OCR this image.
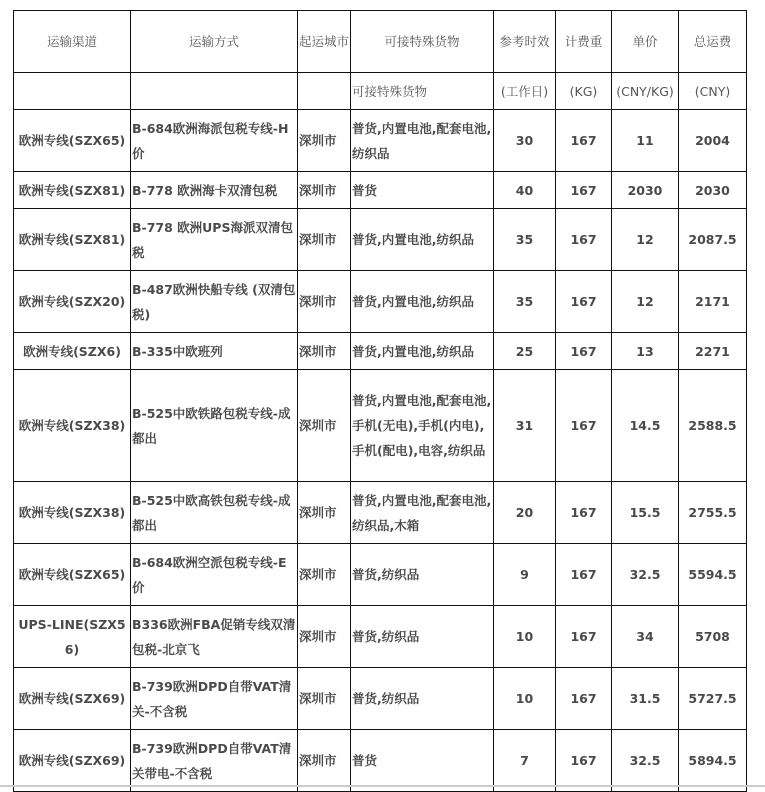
运输渠道	运输方式	起运城市	可接特殊货物	参考时效	计费重	单价	总运费
			可接特殊货物	(工作日)	(KG)	(CNY/KG)	(CNY)
欧洲专线(SZX65)	B-684欧洲海派包税专线-H价	深圳市	普货,内置电池,配套电池,纺织品	30	167	11	2004
欧洲专线(SZX81)	B-778 欧洲海卡双清包税	深圳市	普货	40	167	2030	2030
欧洲专线(SZX81)	B-778 欧洲UPS海派双清包税	深圳市	普货,内置电池,纺织品	35	167	12	2087.5
欧洲专线(SZX20)	B-487欧洲快船专线 (双清包税)	深圳市	普货,内置电池,纺织品	35	167	12	2171
欧洲专线(SZX6)	B-335中欧班列	深圳市	普货,内置电池,纺织品	25	167	13	2271
欧洲专线(SZX38)	B-525中欧铁路包税专线-成都出	深圳市	普货,内置电池,配套电池,手机(无电),手机(内电),手机(配电),电容,纺织品	31	167	14.5	2588.5
欧洲专线(SZX38)	B-525中欧高铁包税专线-成都出	深圳市	普货,内置电池,配套电池,纺织品,木箱	20	167	15.5	2755.5
欧洲专线(SZX65)	B-684欧洲空派包税专线-E价	深圳市	普货,纺织品	9	167	32.5	5594.5
UPS-LINE(SZX56)	B336欧洲FBA促销专线双清包税-北京飞	深圳市	普货,纺织品	10	167	34	5708
欧洲专线(SZX69)	B-739欧洲DPD自带VAT清关-不含税	深圳市	普货,纺织品	10	167	31.5	5727.5
欧洲专线(SZX69)	B-739欧洲DPD自带VAT清关带电-不含税	深圳市	普货	7	167	32.5	5894.5
